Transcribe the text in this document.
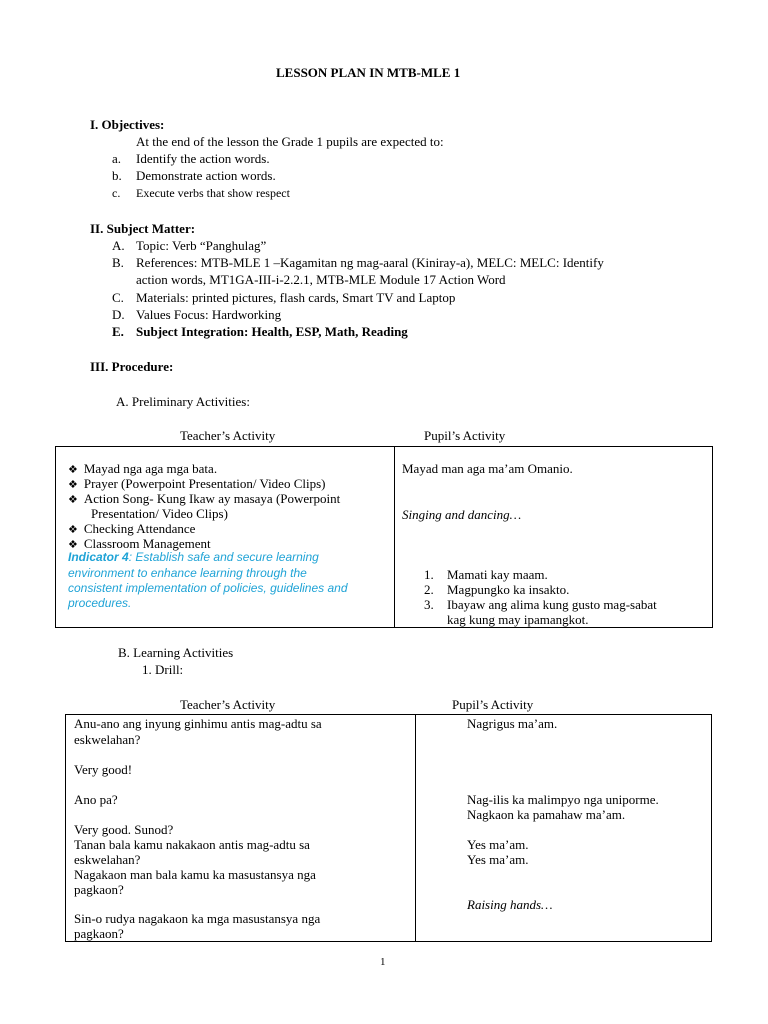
LESSON PLAN IN MTB-MLE 1
I. Objectives:
At the end of the lesson the Grade 1 pupils are expected to:
a. Identify the action words.
b. Demonstrate action words.
c. Execute verbs that show respect
II. Subject Matter:
A. Topic: Verb “Panghulag”
B. References: MTB-MLE 1 –Kagamitan ng mag-aaral (Kiniray-a), MELC: MELC: Identify
action words, MT1GA-III-i-2.2.1, MTB-MLE Module 17 Action Word
C. Materials: printed pictures, flash cards, Smart TV and Laptop
D. Values Focus: Hardworking
E. Subject Integration: Health, ESP, Math, Reading
III. Procedure:
A. Preliminary Activities:
Teacher’s Activity	Pupil’s Activity
❖ Mayad nga aga mga bata.
❖ Prayer (Powerpoint Presentation/ Video Clips)
❖ Action Song- Kung Ikaw ay masaya (Powerpoint
Presentation/ Video Clips)
❖ Checking Attendance
❖ Classroom Management
Indicator 4: Establish safe and secure learning
environment to enhance learning through the
consistent implementation of policies, guidelines and
procedures.
Mayad man aga ma’am Omanio.
Singing and dancing…
1. Mamati kay maam.
2. Magpungko ka insakto.
3. Ibayaw ang alima kung gusto mag-sabat
kag kung may ipamangkot.
B. Learning Activities
1. Drill:
Teacher’s Activity	Pupil’s Activity
Anu-ano ang inyung ginhimu antis mag-adtu sa
eskwelahan?
Very good!
Ano pa?
Very good. Sunod?
Tanan bala kamu nakakaon antis mag-adtu sa
eskwelahan?
Nagakaon man bala kamu ka masustansya nga
pagkaon?
Sin-o rudya nagakaon ka mga masustansya nga
pagkaon?
Nagrigus ma’am.
Nag-ilis ka malimpyo nga uniporme.
Nagkaon ka pamahaw ma’am.
Yes ma’am.
Yes ma’am.
Raising hands…
1
